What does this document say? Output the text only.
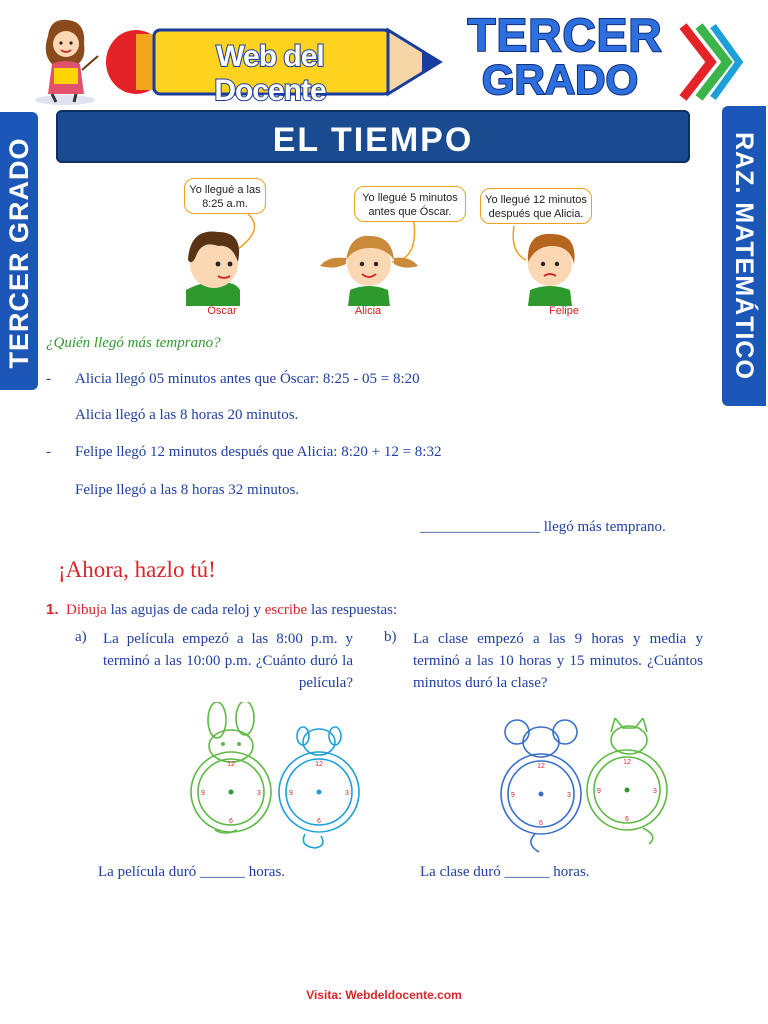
Web del Docente
TERCER
GRADO
TERCER GRADO	RAZ. MATEMÁTICO
EL TIEMPO
Yo llegué a las 8:25 a.m.
Óscar
Yo llegué 5 minutos antes que Óscar.
Alicia
Yo llegué 12 minutos después que Alicia.
Felipe
¿Quién llegó más temprano?
- Alicia llegó 05 minutos antes que Óscar: 8:25 - 05 = 8:20
Alicia llegó a las 8 horas 20 minutos.
- Felipe llegó 12 minutos después que Alicia: 8:20 + 12 = 8:32
Felipe llegó a las 8 horas 32 minutos.
________________ llegó más temprano.
¡Ahora, hazlo tú!
1. Dibuja las agujas de cada reloj y escribe las respuestas:
a) La película empezó a las 8:00 p.m. y terminó a las 10:00 p.m. ¿Cuánto duró la película?
b) La clase empezó a las 9 horas y media y terminó a las 10 horas y 15 minutos. ¿Cuántos minutos duró la clase?
12
3
6
9
12
3
6
9
12
3
6
9
12
3
6
9
La película duró ______ horas.	La clase duró ______ horas.
Visita: Webdeldocente.com
